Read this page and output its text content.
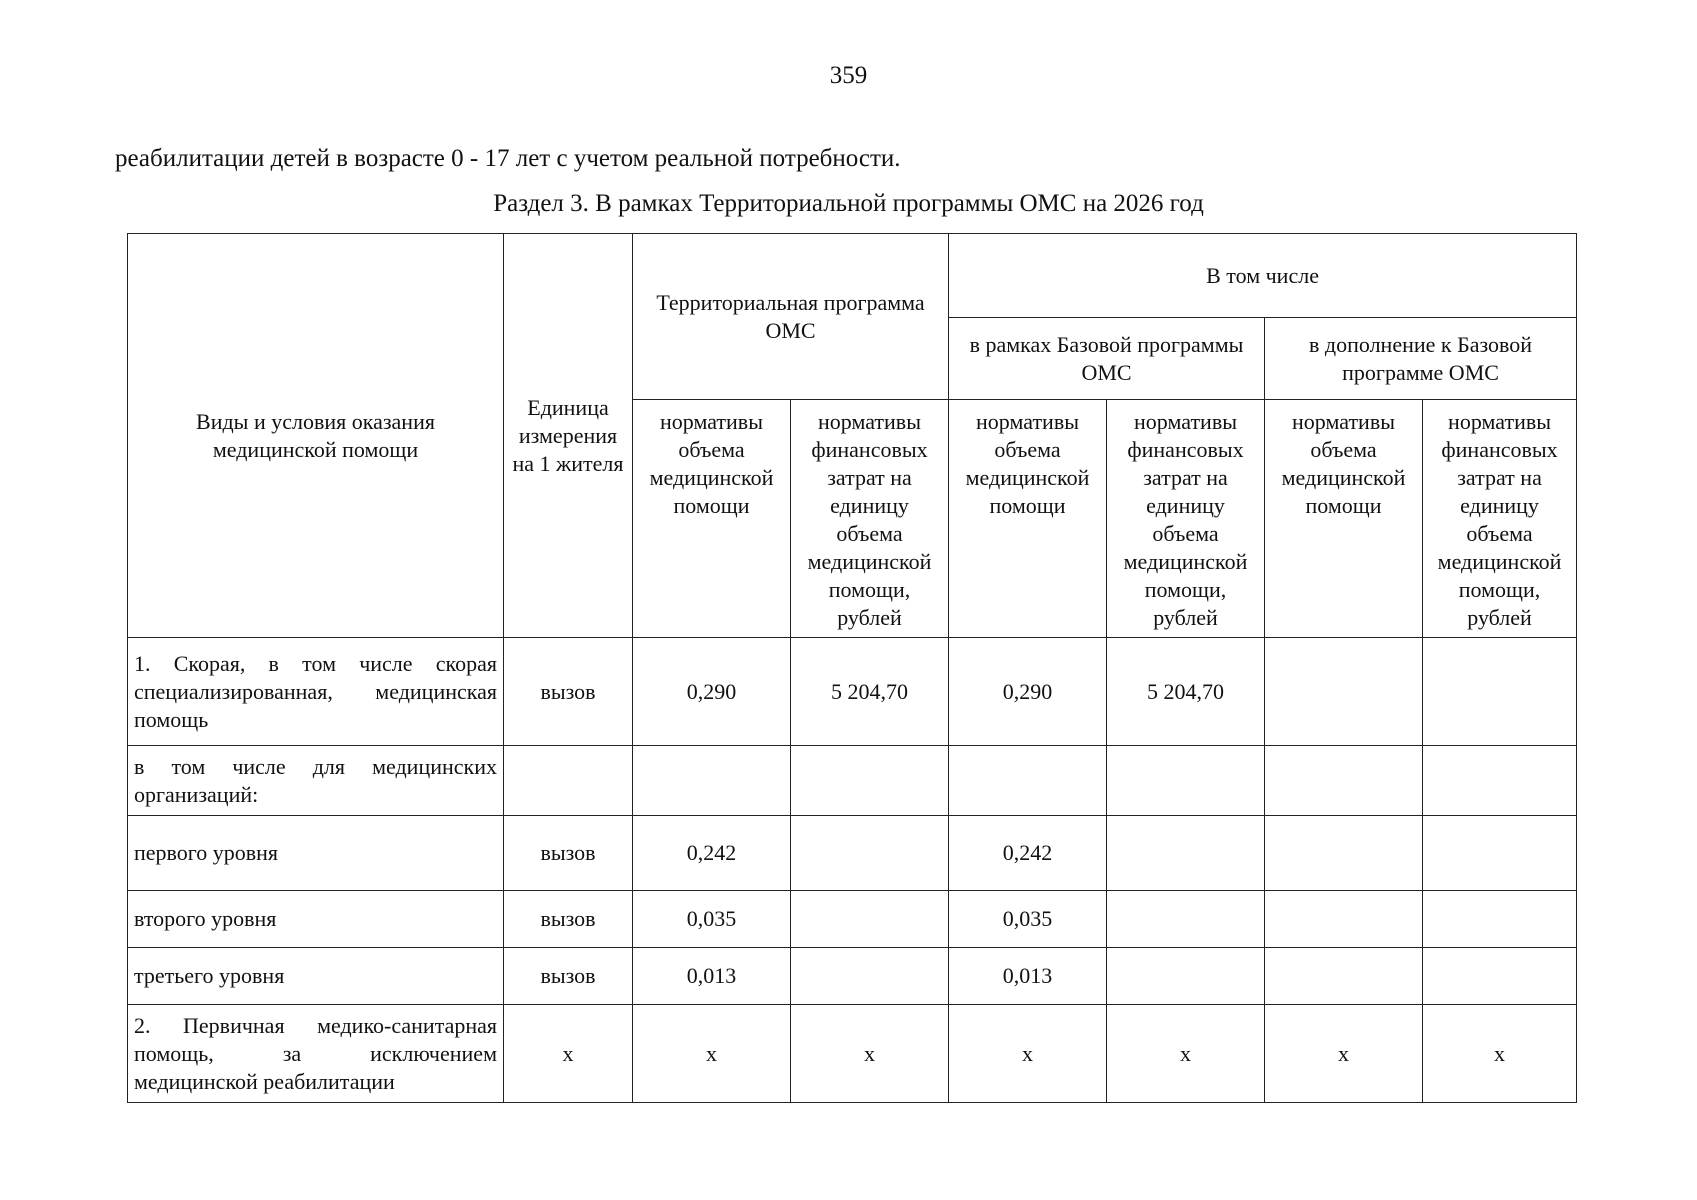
359
реабилитации детей в возрасте 0 - 17 лет с учетом реальной потребности.
Раздел 3. В рамках Территориальной программы ОМС на 2026 год
Виды и условия оказания медицинской помощи	Единица измерения на 1 жителя	Территориальная программа ОМС		В том числе			
				в рамках Базовой программы ОМС		в дополнение к Базовой программе ОМС	
		нормативы объема медицинской помощи	нормативы финансовых затрат на единицу объема медицинской помощи, рублей	нормативы объема медицинской помощи	нормативы финансовых затрат на единицу объема медицинской помощи, рублей	нормативы объема медицинской помощи	нормативы финансовых затрат на единицу объема медицинской помощи, рублей
1. Скорая, в том числе скорая специализированная, медицинская помощь	вызов	0,290	5 204,70	0,290	5 204,70		
в том числе для медицинских организаций:							
первого уровня	вызов	0,242		0,242			
второго уровня	вызов	0,035		0,035			
третьего уровня	вызов	0,013		0,013			
2. Первичная медико-санитарная помощь, за исключением медицинской реабилитации	х	х	х	х	х	х	х
